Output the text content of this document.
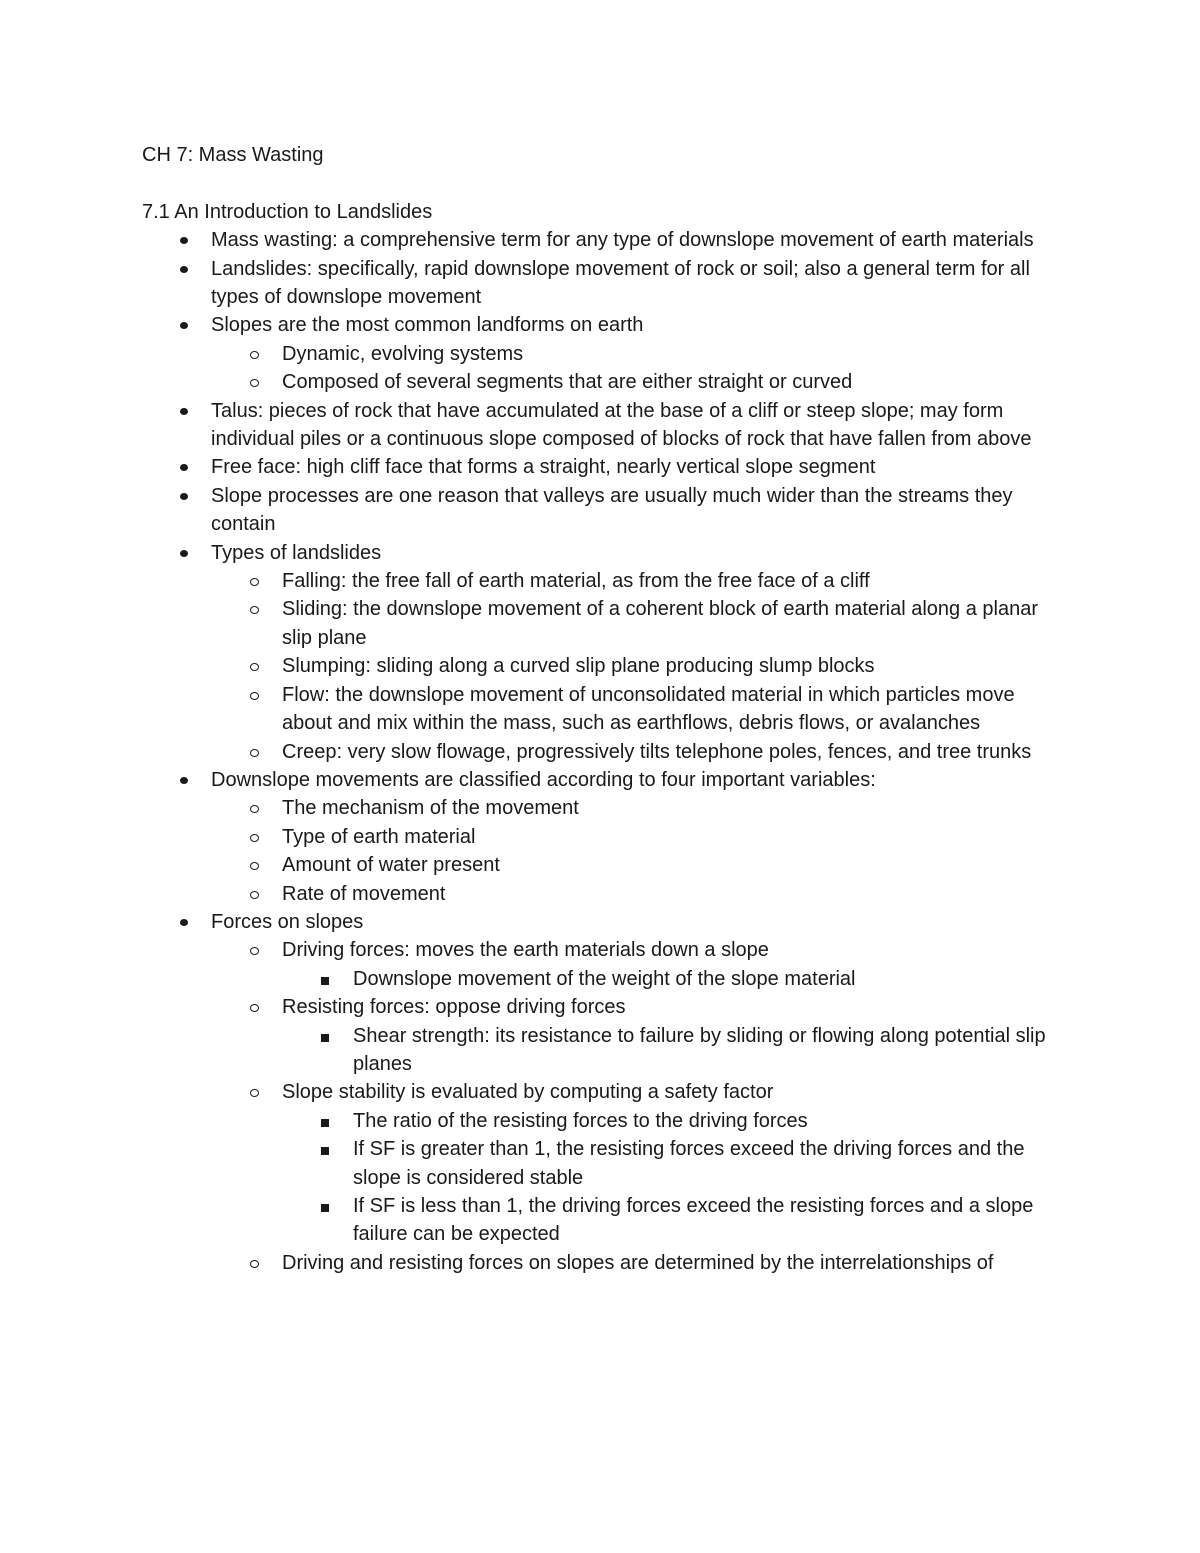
CH 7: Mass Wasting
7.1 An Introduction to Landslides
Mass wasting: a comprehensive term for any type of downslope movement of earth materials
Landslides: specifically, rapid downslope movement of rock or soil; also a general term for all types of downslope movement
Slopes are the most common landforms on earth
Dynamic, evolving systems
Composed of several segments that are either straight or curved
Talus: pieces of rock that have accumulated at the base of a cliff or steep slope; may form individual piles or a continuous slope composed of blocks of rock that have fallen from above
Free face: high cliff face that forms a straight, nearly vertical slope segment
Slope processes are one reason that valleys are usually much wider than the streams they contain
Types of landslides
Falling: the free fall of earth material, as from the free face of a cliff
Sliding: the downslope movement of a coherent block of earth material along a planar slip plane
Slumping: sliding along a curved slip plane producing slump blocks
Flow: the downslope movement of unconsolidated material in which particles move about and mix within the mass, such as earthflows, debris flows, or avalanches
Creep: very slow flowage, progressively tilts telephone poles, fences, and tree trunks
Downslope movements are classified according to four important variables:
The mechanism of the movement
Type of earth material
Amount of water present
Rate of movement
Forces on slopes
Driving forces: moves the earth materials down a slope
Downslope movement of the weight of the slope material
Resisting forces: oppose driving forces
Shear strength: its resistance to failure by sliding or flowing along potential slip planes
Slope stability is evaluated by computing a safety factor
The ratio of the resisting forces to the driving forces
If SF is greater than 1, the resisting forces exceed the driving forces and the slope is considered stable
If SF is less than 1, the driving forces exceed the resisting forces and a slope failure can be expected
Driving and resisting forces on slopes are determined by the interrelationships of
